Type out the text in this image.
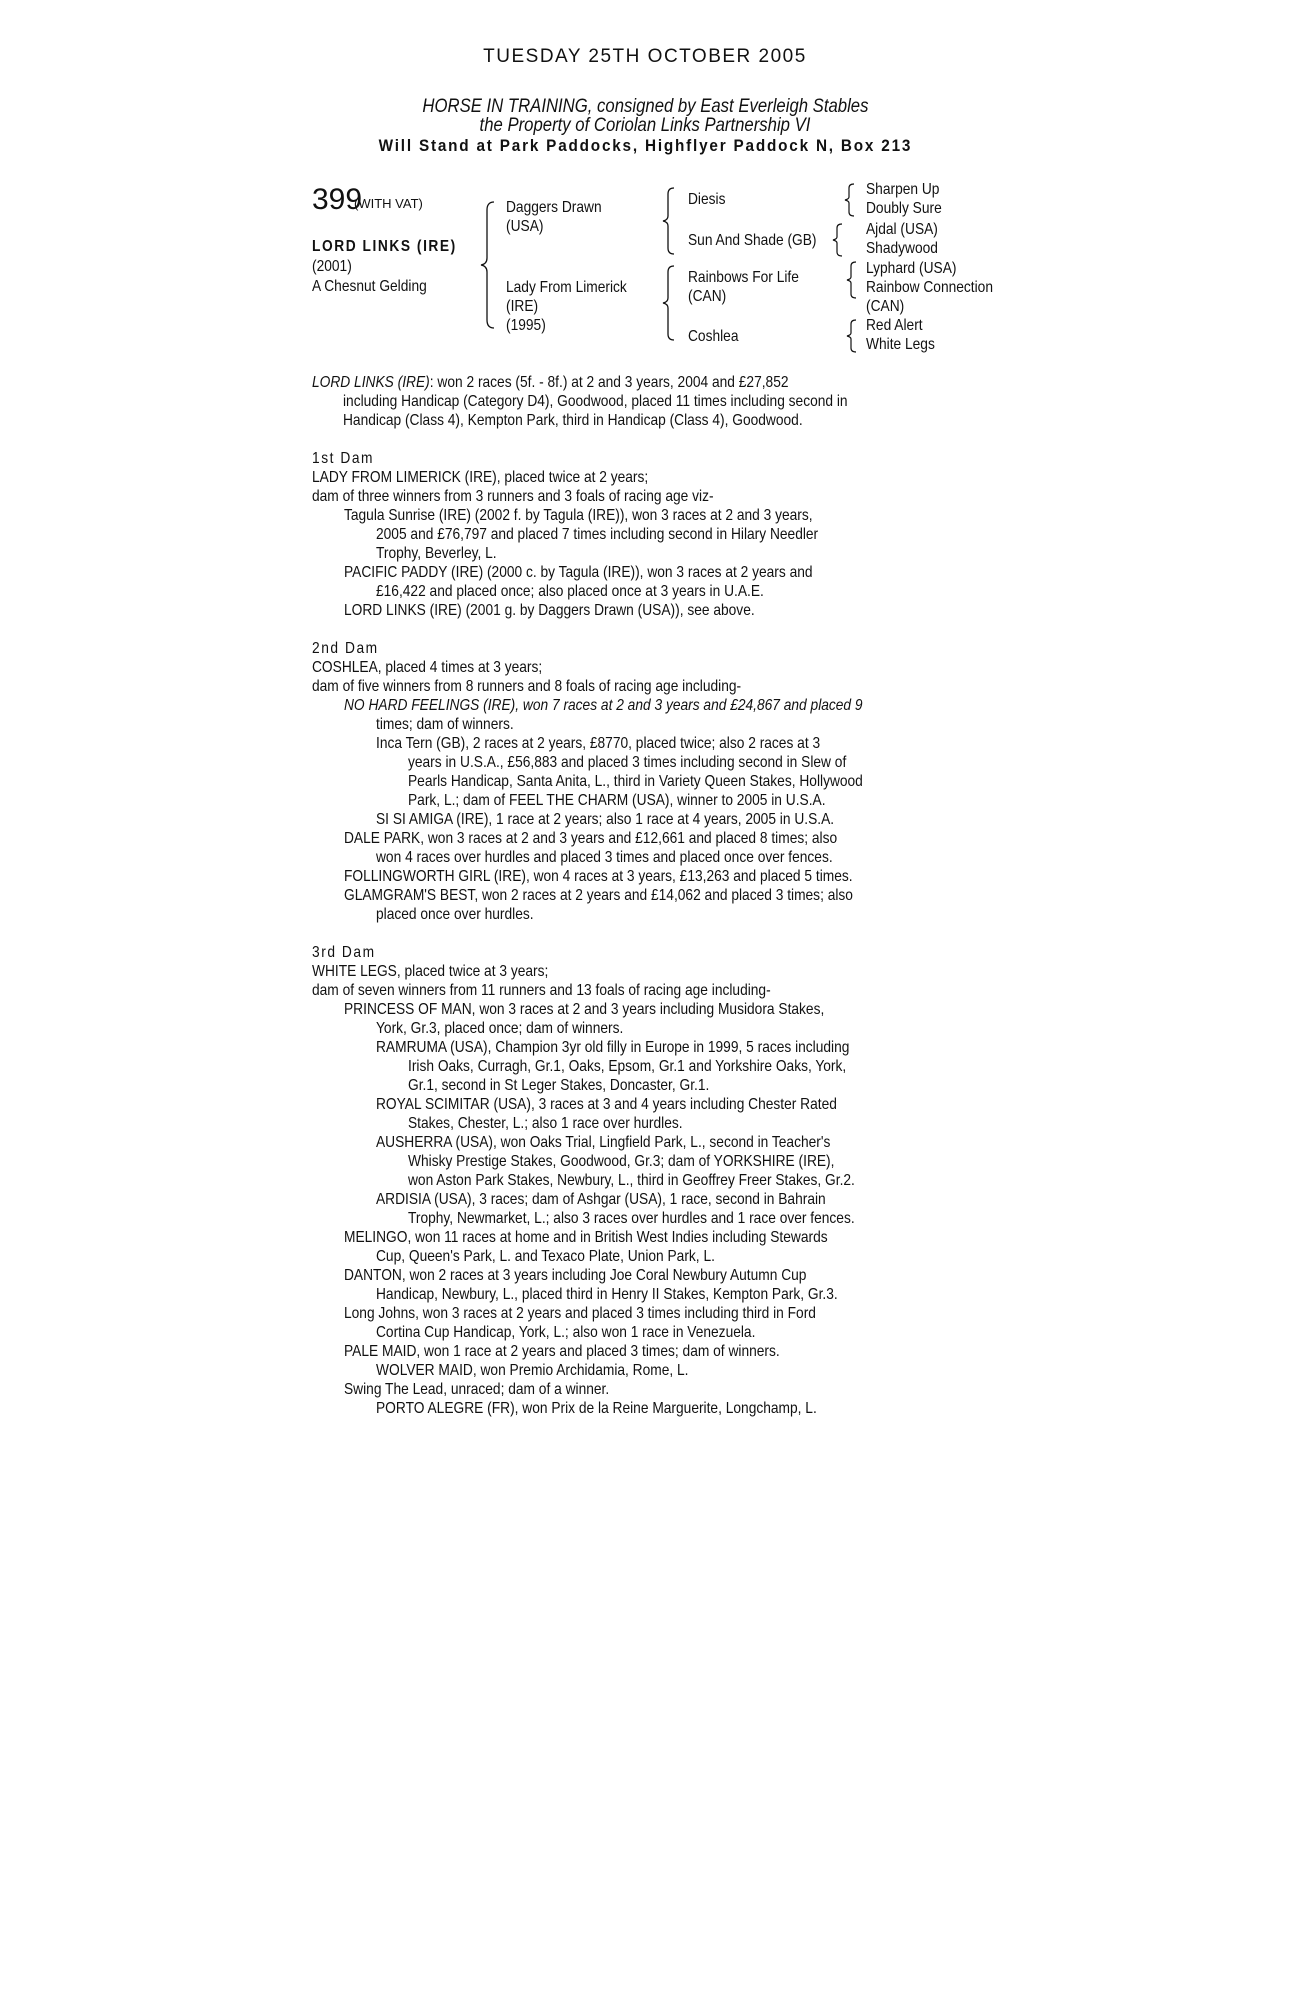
TUESDAY 25TH OCTOBER 2005
HORSE IN TRAINING, consigned by East Everleigh Stables
the Property of Coriolan Links Partnership VI
Will Stand at Park Paddocks, Highflyer Paddock N, Box 213
399
(WITH VAT)
LORD LINKS (IRE)
(2001)
A Chesnut Gelding
Daggers Drawn
(USA)
Lady From Limerick
(IRE)
(1995)
Diesis
Sun And Shade (GB)
Rainbows For Life
(CAN)
Coshlea
Sharpen Up
Doubly Sure
Ajdal (USA)
Shadywood
Lyphard (USA)
Rainbow Connection
(CAN)
Red Alert
White Legs
LORD LINKS (IRE): won 2 races (5f. - 8f.) at 2 and 3 years, 2004 and £27,852
including Handicap (Category D4), Goodwood, placed 11 times including second in
Handicap (Class 4), Kempton Park, third in Handicap (Class 4), Goodwood.
1st Dam
LADY FROM LIMERICK (IRE), placed twice at 2 years;
dam of three winners from 3 runners and 3 foals of racing age viz-
Tagula Sunrise (IRE) (2002 f. by Tagula (IRE)), won 3 races at 2 and 3 years,
2005 and £76,797 and placed 7 times including second in Hilary Needler
Trophy, Beverley, L.
PACIFIC PADDY (IRE) (2000 c. by Tagula (IRE)), won 3 races at 2 years and
£16,422 and placed once; also placed once at 3 years in U.A.E.
LORD LINKS (IRE) (2001 g. by Daggers Drawn (USA)), see above.
2nd Dam
COSHLEA, placed 4 times at 3 years;
dam of five winners from 8 runners and 8 foals of racing age including-
NO HARD FEELINGS (IRE), won 7 races at 2 and 3 years and £24,867 and placed 9
times; dam of winners.
Inca Tern (GB), 2 races at 2 years, £8770, placed twice; also 2 races at 3
years in U.S.A., £56,883 and placed 3 times including second in Slew of
Pearls Handicap, Santa Anita, L., third in Variety Queen Stakes, Hollywood
Park, L.; dam of FEEL THE CHARM (USA), winner to 2005 in U.S.A.
SI SI AMIGA (IRE), 1 race at 2 years; also 1 race at 4 years, 2005 in U.S.A.
DALE PARK, won 3 races at 2 and 3 years and £12,661 and placed 8 times; also
won 4 races over hurdles and placed 3 times and placed once over fences.
FOLLINGWORTH GIRL (IRE), won 4 races at 3 years, £13,263 and placed 5 times.
GLAMGRAM'S BEST, won 2 races at 2 years and £14,062 and placed 3 times; also
placed once over hurdles.
3rd Dam
WHITE LEGS, placed twice at 3 years;
dam of seven winners from 11 runners and 13 foals of racing age including-
PRINCESS OF MAN, won 3 races at 2 and 3 years including Musidora Stakes,
York, Gr.3, placed once; dam of winners.
RAMRUMA (USA), Champion 3yr old filly in Europe in 1999, 5 races including
Irish Oaks, Curragh, Gr.1, Oaks, Epsom, Gr.1 and Yorkshire Oaks, York,
Gr.1, second in St Leger Stakes, Doncaster, Gr.1.
ROYAL SCIMITAR (USA), 3 races at 3 and 4 years including Chester Rated
Stakes, Chester, L.; also 1 race over hurdles.
AUSHERRA (USA), won Oaks Trial, Lingfield Park, L., second in Teacher's
Whisky Prestige Stakes, Goodwood, Gr.3; dam of YORKSHIRE (IRE),
won Aston Park Stakes, Newbury, L., third in Geoffrey Freer Stakes, Gr.2.
ARDISIA (USA), 3 races; dam of Ashgar (USA), 1 race, second in Bahrain
Trophy, Newmarket, L.; also 3 races over hurdles and 1 race over fences.
MELINGO, won 11 races at home and in British West Indies including Stewards
Cup, Queen's Park, L. and Texaco Plate, Union Park, L.
DANTON, won 2 races at 3 years including Joe Coral Newbury Autumn Cup
Handicap, Newbury, L., placed third in Henry II Stakes, Kempton Park, Gr.3.
Long Johns, won 3 races at 2 years and placed 3 times including third in Ford
Cortina Cup Handicap, York, L.; also won 1 race in Venezuela.
PALE MAID, won 1 race at 2 years and placed 3 times; dam of winners.
WOLVER MAID, won Premio Archidamia, Rome, L.
Swing The Lead, unraced; dam of a winner.
PORTO ALEGRE (FR), won Prix de la Reine Marguerite, Longchamp, L.
